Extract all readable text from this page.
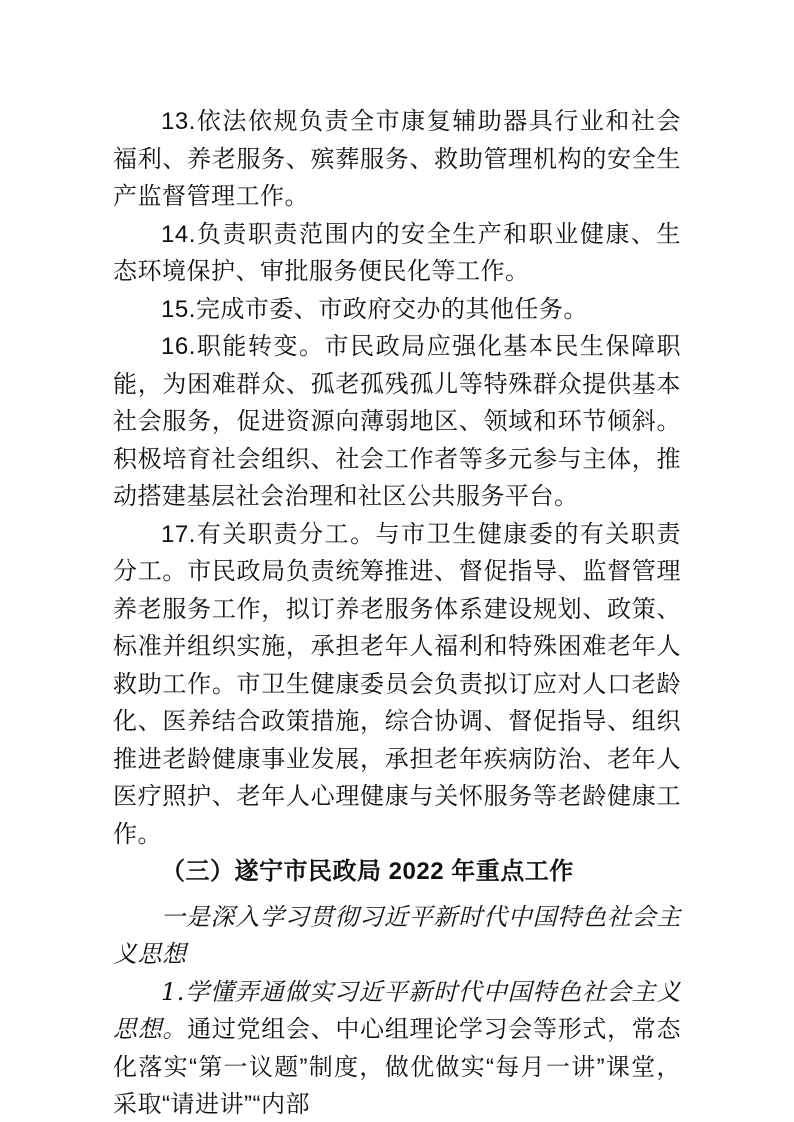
13.依法依规负责全市康复辅助器具行业和社会福利、养老服务、殡葬服务、救助管理机构的安全生产监督管理工作。

14.负责职责范围内的安全生产和职业健康、生态环境保护、审批服务便民化等工作。

15.完成市委、市政府交办的其他任务。

16.职能转变。市民政局应强化基本民生保障职能，为困难群众、孤老孤残孤儿等特殊群众提供基本社会服务，促进资源向薄弱地区、领域和环节倾斜。积极培育社会组织、社会工作者等多元参与主体，推动搭建基层社会治理和社区公共服务平台。

17.有关职责分工。与市卫生健康委的有关职责分工。市民政局负责统筹推进、督促指导、监督管理养老服务工作，拟订养老服务体系建设规划、政策、标准并组织实施，承担老年人福利和特殊困难老年人救助工作。市卫生健康委员会负责拟订应对人口老龄化、医养结合政策措施，综合协调、督促指导、组织推进老龄健康事业发展，承担老年疾病防治、老年人医疗照护、老年人心理健康与关怀服务等老龄健康工作。

（三）遂宁市民政局 2022 年重点工作

一是深入学习贯彻习近平新时代中国特色社会主义思想

1.学懂弄通做实习近平新时代中国特色社会主义思想。通过党组会、中心组理论学习会等形式，常态化落实“第一议题”制度，做优做实“每月一讲”课堂，采取“请进讲”“内部
